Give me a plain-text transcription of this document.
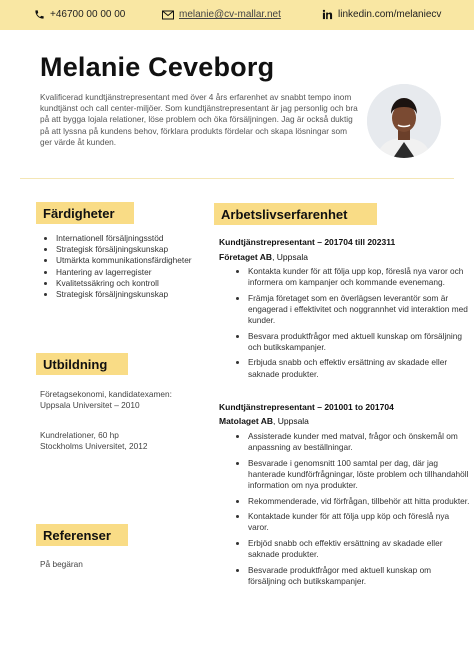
+46700 00 00 00	melanie@cv-mallar.net	linkedin.com/melaniecv
Melanie Ceveborg

Kvalificerad kundtjänstrepresentant med över 4 års erfarenhet av snabbt tempo inom kundtjänst och call center-miljöer. Som kundtjänstrepresentant är jag personlig och bra på att bygga lojala relationer, löse problem och öka försäljningen. Jag är också duktig på att lyssna på kundens behov, förklara produkts fördelar och skapa lösningar som ger värde åt kunden.

Färdigheter
• Internationell försäljningsstöd
• Strategisk försäljningskunskap
• Utmärkta kommunikationsfärdigheter
• Hantering av lagerregister
• Kvalitetssäkring och kontroll
• Strategisk försäljningskunskap
Utbildning
Företagsekonomi, kandidatexamen:
Uppsala Universitet – 2010
Kundrelationer, 60 hp
Stockholms Universitet, 2012
Referenser

På begäran

Arbetslivserfarenhet

Kundtjänstrepresentant – 201704 till 202311

Företaget AB, Uppsala

• Kontakta kunder för att följa upp kop, föreslå nya varor och informera om kampanjer och kommande evenemang.
• Främja företaget som en överlägsen leverantör som är engagerad i effektivitet och noggrannhet vid interaktion med kunder.
• Besvara produktfrågor med aktuell kunskap om försäljning och butikskampanjer.
• Erbjuda snabb och effektiv ersättning av skadade eller saknade produkter.

Kundtjänstrepresentant – 201001 to 201704

Matolaget AB, Uppsala

• Assisterade kunder med matval, frågor och önskemål om anpassning av beställningar.
• Besvarade i genomsnitt 100 samtal per dag, där jag hanterade kundförfrågningar, löste problem och tillhandahöll information om nya produkter.
• Rekommenderade, vid förfrågan, tillbehör att hitta produkter.
• Kontaktade kunder för att följa upp köp och föreslå nya varor.
• Erbjöd snabb och effektiv ersättning av skadade eller saknade produkter.
• Besvarade produktfrågor med aktuell kunskap om försäljning och butikskampanjer.
